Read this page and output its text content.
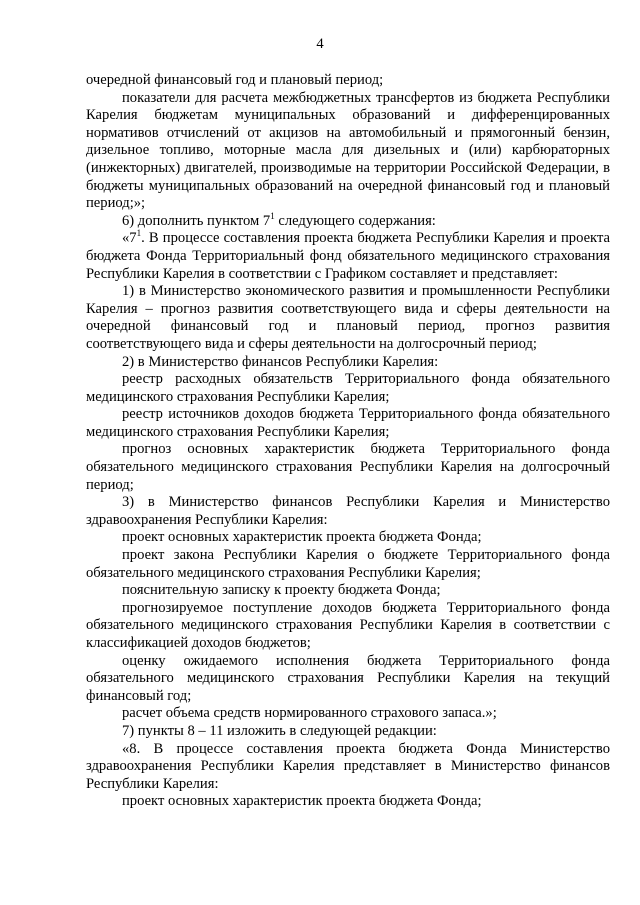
4

очередной финансовый год и плановый период;

показатели для расчета межбюджетных трансфертов из бюджета Республики Карелия бюджетам муниципальных образований и дифференцированных нормативов отчислений от акцизов на автомобильный и прямогонный бензин, дизельное топливо, моторные масла для дизельных и (или) карбюраторных (инжекторных) двигателей, производимые на территории Российской Федерации, в бюджеты муниципальных образований на очередной финансовый год и плановый период;»;

6) дополнить пунктом $7^1$ следующего содержания:

«$7^1$. В процессе составления проекта бюджета Республики Карелия и проекта бюджета Фонда Территориальный фонд обязательного медицинского страхования Республики Карелия в соответствии с Графиком составляет и представляет:

1) в Министерство экономического развития и промышленности Республики Карелия – прогноз развития соответствующего вида и сферы деятельности на очередной финансовый год и плановый период, прогноз развития соответствующего вида и сферы деятельности на долгосрочный период;

2) в Министерство финансов Республики Карелия:

реестр расходных обязательств Территориального фонда обязательного медицинского страхования Республики Карелия;

реестр источников доходов бюджета Территориального фонда обязательного медицинского страхования Республики Карелия;

прогноз основных характеристик бюджета Территориального фонда обязательного медицинского страхования Республики Карелия на долгосрочный период;

3) в Министерство финансов Республики Карелия и Министерство здравоохранения Республики Карелия:

проект основных характеристик проекта бюджета Фонда;

проект закона Республики Карелия о бюджете Территориального фонда обязательного медицинского страхования Республики Карелия;

пояснительную записку к проекту бюджета Фонда;

прогнозируемое поступление доходов бюджета Территориального фонда обязательного медицинского страхования Республики Карелия в соответствии с классификацией доходов бюджетов;

оценку ожидаемого исполнения бюджета Территориального фонда обязательного медицинского страхования Республики Карелия на текущий финансовый год;

расчет объема средств нормированного страхового запаса.»;

7) пункты 8 – 11 изложить в следующей редакции:

«8. В процессе составления проекта бюджета Фонда Министерство здравоохранения Республики Карелия представляет в Министерство финансов Республики Карелия:

проект основных характеристик проекта бюджета Фонда;
